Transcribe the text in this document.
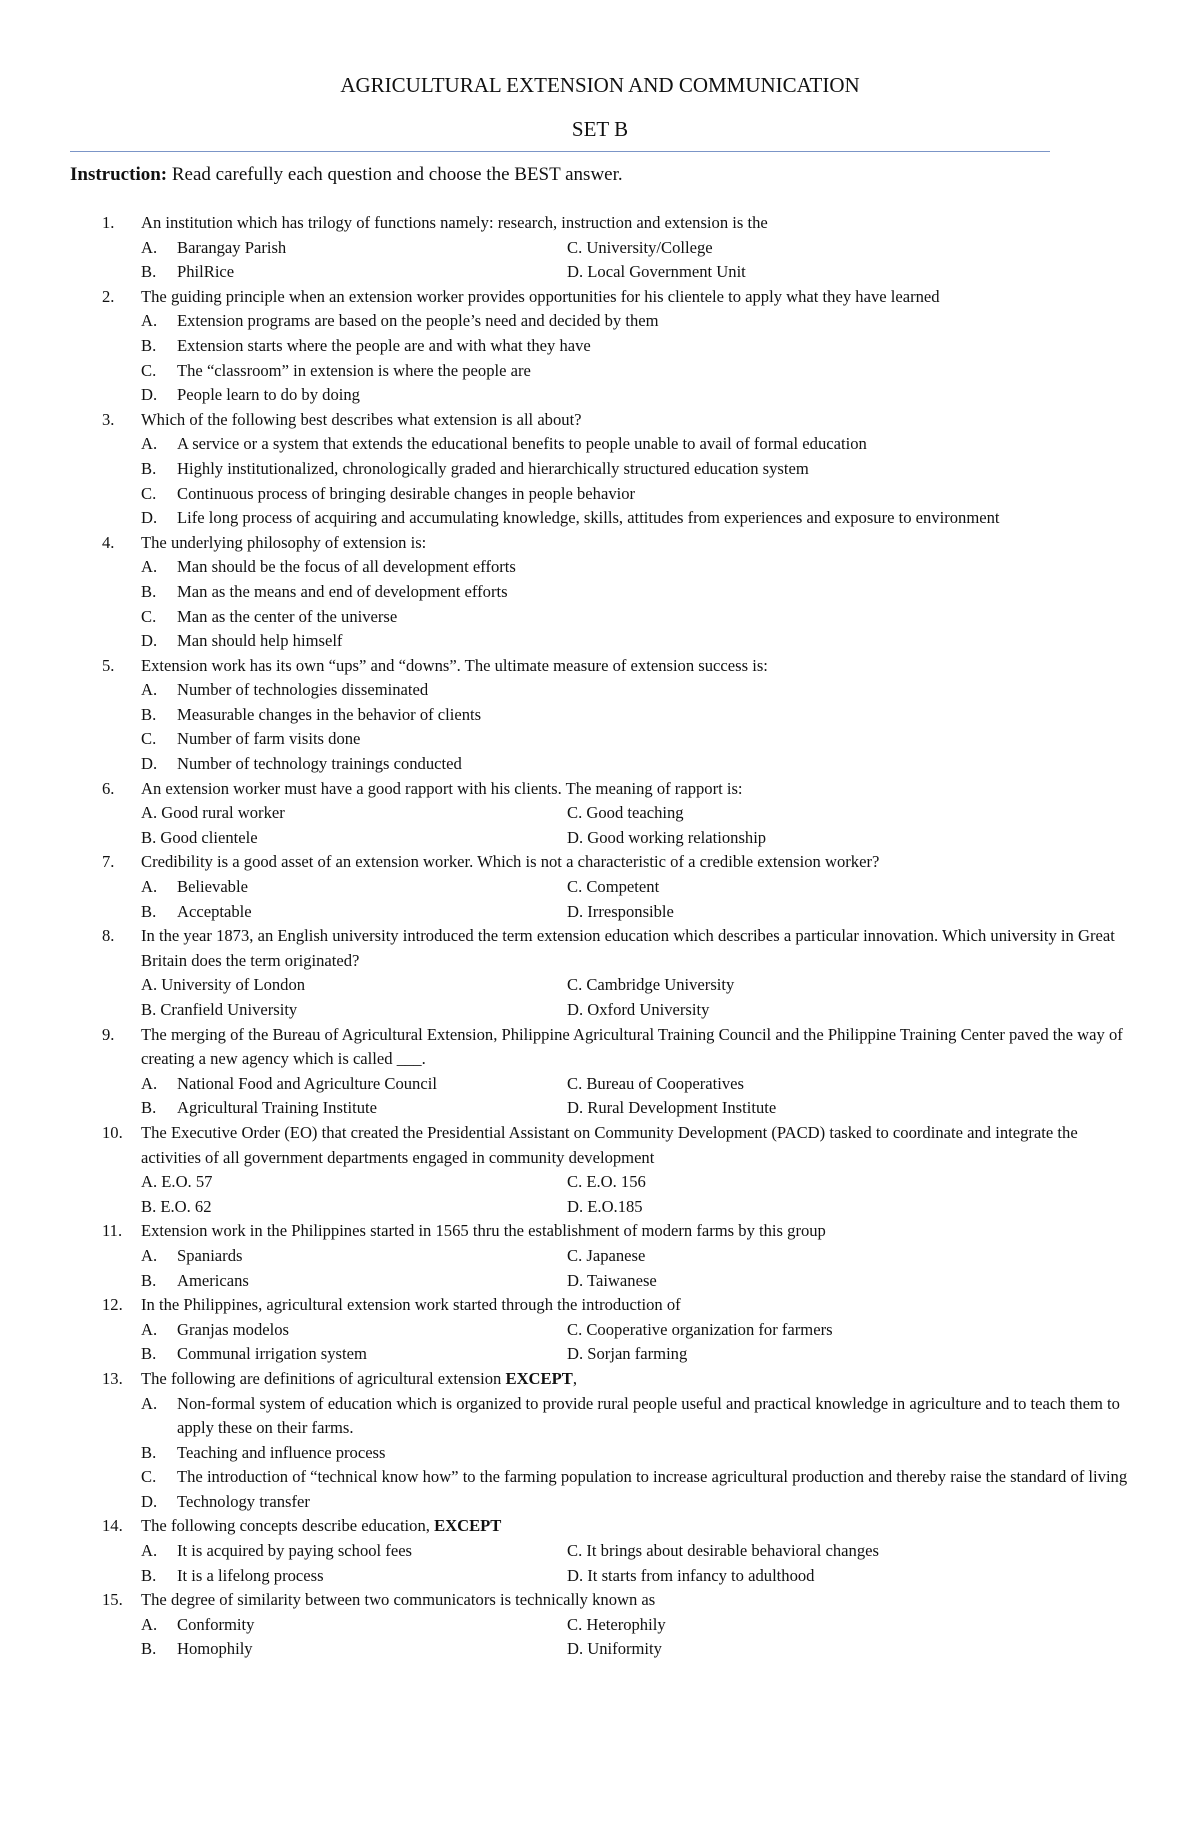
AGRICULTURAL EXTENSION AND COMMUNICATION
SET B
Instruction: Read carefully each question and choose the BEST answer.
1. An institution which has trilogy of functions namely: research, instruction and extension is the
A. Barangay Parish	C. University/College
B. PhilRice	D. Local Government Unit
2. The guiding principle when an extension worker provides opportunities for his clientele to apply what they have learned
A. Extension programs are based on the people’s need and decided by them
B. Extension starts where the people are and with what they have
C. The “classroom” in extension is where the people are
D. People learn to do by doing
3. Which of the following best describes what extension is all about?
A. A service or a system that extends the educational benefits to people unable to avail of formal education
B. Highly institutionalized, chronologically graded and hierarchically structured education system
C. Continuous process of bringing desirable changes in people behavior
D. Life long process of acquiring and accumulating knowledge, skills, attitudes from experiences and exposure to environment
4. The underlying philosophy of extension is:
A. Man should be the focus of all development efforts
B. Man as the means and end of development efforts
C. Man as the center of the universe
D. Man should help himself
5. Extension work has its own “ups” and “downs”. The ultimate measure of extension success is:
A. Number of technologies disseminated
B. Measurable changes in the behavior of clients
C. Number of farm visits done
D. Number of technology trainings conducted
6. An extension worker must have a good rapport with his clients. The meaning of rapport is:
A. Good rural worker	C. Good teaching
B. Good clientele	D. Good working relationship
7. Credibility is a good asset of an extension worker. Which is not a characteristic of a credible extension worker?
A. Believable	C. Competent
B. Acceptable	D. Irresponsible
8. In the year 1873, an English university introduced the term extension education which describes a particular innovation. Which university in Great Britain does the term originated?
A. University of London	C. Cambridge University
B. Cranfield University	D. Oxford University
9. The merging of the Bureau of Agricultural Extension, Philippine Agricultural Training Council and the Philippine Training Center paved the way of creating a new agency which is called ___.
A. National Food and Agriculture Council	C. Bureau of Cooperatives
B. Agricultural Training Institute	D. Rural Development Institute
10. The Executive Order (EO) that created the Presidential Assistant on Community Development (PACD) tasked to coordinate and integrate the activities of all government departments engaged in community development
A. E.O. 57	C. E.O. 156
B. E.O. 62	D. E.O.185
11. Extension work in the Philippines started in 1565 thru the establishment of modern farms by this group
A. Spaniards	C. Japanese
B. Americans	D. Taiwanese
12. In the Philippines, agricultural extension work started through the introduction of
A. Granjas modelos	C. Cooperative organization for farmers
B. Communal irrigation system	D. Sorjan farming
13. The following are definitions of agricultural extension EXCEPT,
A. Non-formal system of education which is organized to provide rural people useful and practical knowledge in agriculture and to teach them to apply these on their farms.
B. Teaching and influence process
C. The introduction of “technical know how” to the farming population to increase agricultural production and thereby raise the standard of living
D. Technology transfer
14. The following concepts describe education, EXCEPT
A. It is acquired by paying school fees	C. It brings about desirable behavioral changes
B. It is a lifelong process	D. It starts from infancy to adulthood
15. The degree of similarity between two communicators is technically known as
A. Conformity	C. Heterophily
B. Homophily	D. Uniformity
